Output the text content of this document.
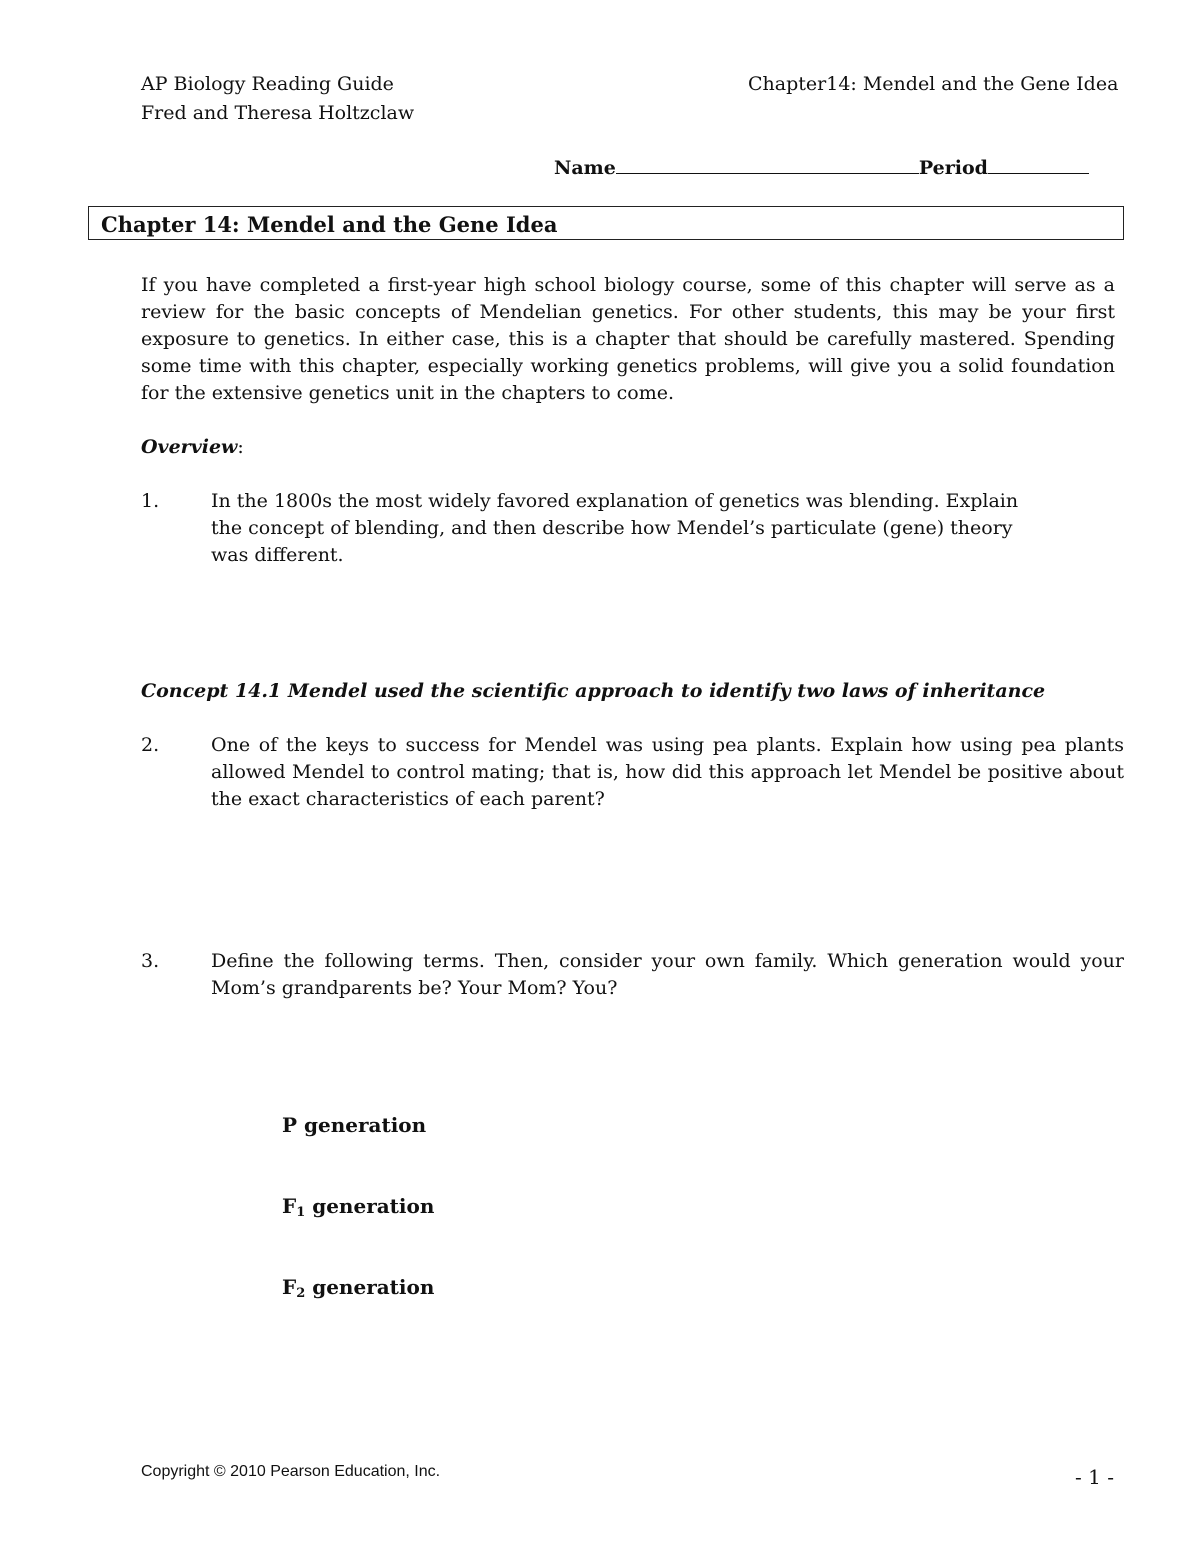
AP Biology Reading Guide
Fred and Theresa Holtzclaw
Chapter14: Mendel and the Gene Idea
Name	Period
Chapter 14: Mendel and the Gene Idea
If you have completed a first-year high school biology course, some of this chapter will serve as a review for the basic concepts of Mendelian genetics. For other students, this may be your first exposure to genetics. In either case, this is a chapter that should be carefully mastered. Spending some time with this chapter, especially working genetics problems, will give you a solid foundation for the extensive genetics unit in the chapters to come.
Overview:
1.	In the 1800s the most widely favored explanation of genetics was blending. Explain the concept of blending, and then describe how Mendel’s particulate (gene) theory was different.
Concept 14.1 Mendel used the scientific approach to identify two laws of inheritance
2.	One of the keys to success for Mendel was using pea plants. Explain how using pea plants allowed Mendel to control mating; that is, how did this approach let Mendel be positive about the exact characteristics of each parent?
3.	Define the following terms. Then, consider your own family. Which generation would your Mom’s grandparents be? Your Mom? You?
P generation
$F_1$ generation
$F_2$ generation
Copyright © 2010 Pearson Education, Inc.	- 1 -
